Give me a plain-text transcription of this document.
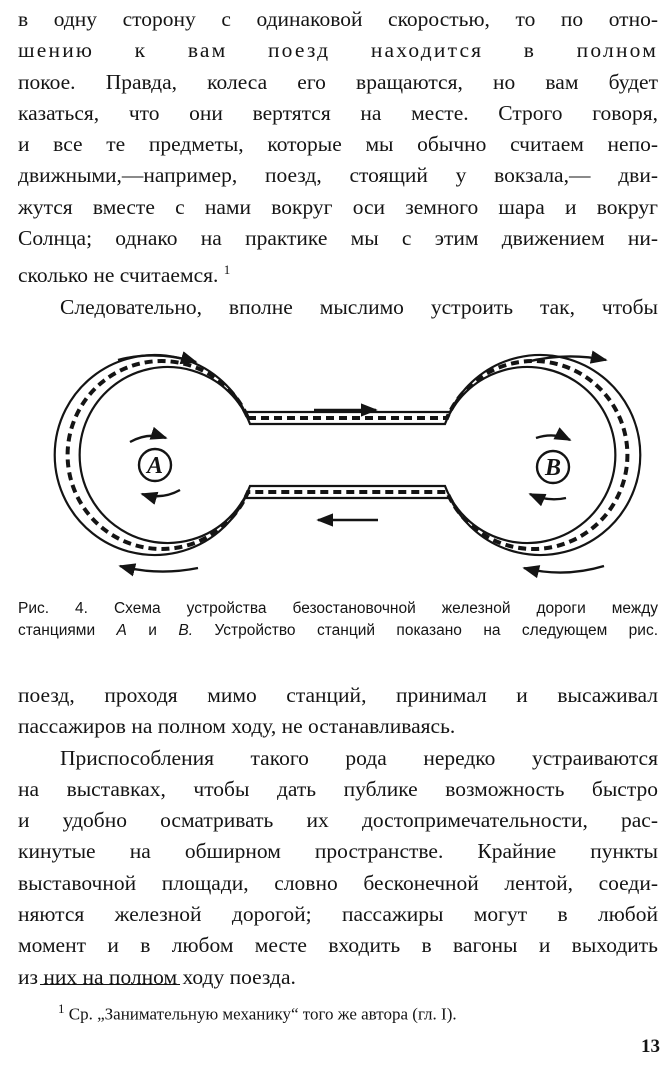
в одну сторону с одинаковой скоростью, то по отно-
шению к вам поезд находится в полном
покое. Правда, колеса его вращаются, но вам будет
казаться, что они вертятся на месте. Строго говоря,
и все те предметы, которые мы обычно считаем непо-
движными,—например, поезд, стоящий у вокзала,— дви-
жутся вместе с нами вокруг оси земного шара и вокруг
Солнца; однако на практике мы с этим движением ни-
сколько не считаемся. $^1$
Следовательно, вполне мыслимо устроить так, чтобы
A	B
Рис. 4. Схема устройства безостановочной железной дороги между
станциями A и B. Устройство станций показано на следующем рис.
поезд, проходя мимо станций, принимал и высаживал
пассажиров на полном ходу, не останавливаясь.
Приспособления такого рода нередко устраиваются
на выставках, чтобы дать публике возможность быстро
и удобно осматривать их достопримечательности, рас-
кинутые на обширном пространстве. Крайние пункты
выставочной площади, словно бесконечной лентой, соеди-
няются железной дорогой; пассажиры могут в любой
момент и в любом месте входить в вагоны и выходить
из них на полном ходу поезда.
$^1$ Ср. „Занимательную механику“ того же автора (гл. I).
13
